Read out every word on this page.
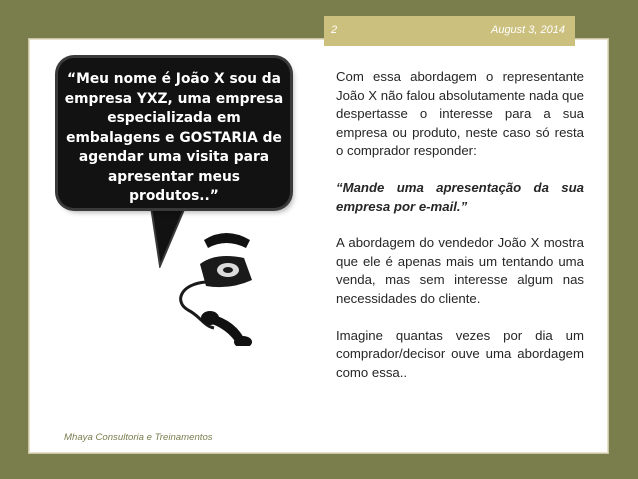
2	August 3, 2014
“Meu nome é João X sou da empresa YXZ, uma empresa especializada em embalagens e GOSTARIA de agendar uma visita para apresentar meus produtos..”

Com essa abordagem o representante João X não falou absolutamente nada que despertasse o interesse para a sua empresa ou produto, neste caso só resta o comprador responder:

“Mande uma apresentação da sua empresa por e-mail.”

A abordagem do vendedor João X mostra que ele é apenas mais um tentando uma venda, mas sem interesse algum nas necessidades do cliente.

Imagine quantas vezes por dia um comprador/decisor ouve uma abordagem como essa..

Mhaya Consultoria e Treinamentos
